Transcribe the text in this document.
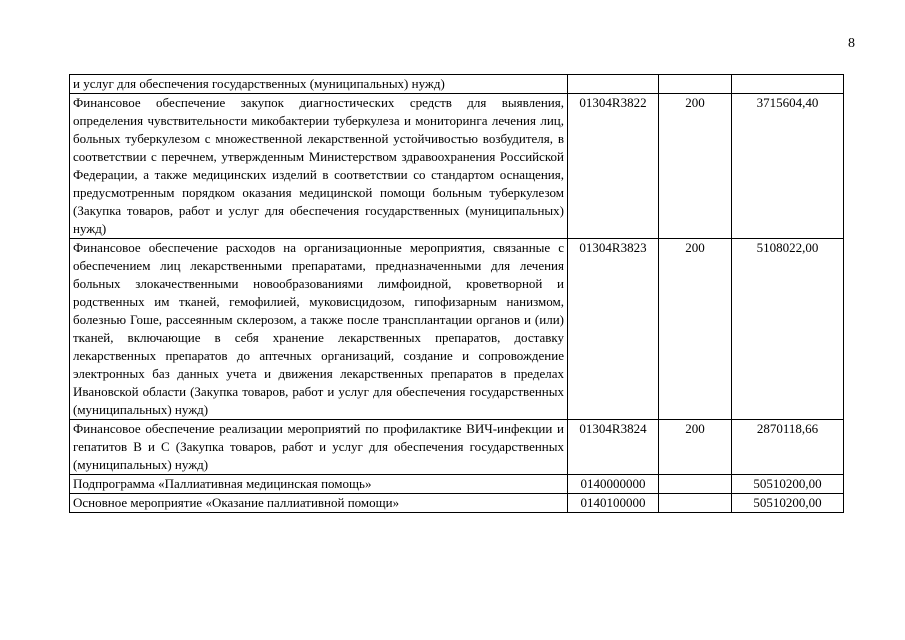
8
и услуг для обеспечения государственных (муниципальных) нужд)			
Финансовое обеспечение закупок диагностических средств для выявления, определения чувствительности микобактерии туберкулеза и мониторинга лечения лиц, больных туберкулезом с множественной лекарственной устойчивостью возбудителя, в соответствии с перечнем, утвержденным Министерством здравоохранения Российской Федерации, а также медицинских изделий в соответствии со стандартом оснащения, предусмотренным порядком оказания медицинской помощи больным туберкулезом (Закупка товаров, работ и услуг для обеспечения государственных (муниципальных) нужд)	01304R3822	200	3715604,40
Финансовое обеспечение расходов на организационные мероприятия, связанные с обеспечением лиц лекарственными препаратами, предназначенными для лечения больных злокачественными новообразованиями лимфоидной, кроветворной и родственных им тканей, гемофилией, муковисцидозом, гипофизарным нанизмом, болезнью Гоше, рассеянным склерозом, а также после трансплантации органов и (или) тканей, включающие в себя хранение лекарственных препаратов, доставку лекарственных препаратов до аптечных организаций, создание и сопровождение электронных баз данных учета и движения лекарственных препаратов в пределах Ивановской области (Закупка товаров, работ и услуг для обеспечения государственных (муниципальных) нужд)	01304R3823	200	5108022,00
Финансовое обеспечение реализации мероприятий по профилактике ВИЧ-инфекции и гепатитов В и С (Закупка товаров, работ и услуг для обеспечения государственных (муниципальных) нужд)	01304R3824	200	2870118,66
Подпрограмма «Паллиативная медицинская помощь»	0140000000		50510200,00
Основное мероприятие «Оказание паллиативной помощи»	0140100000		50510200,00
